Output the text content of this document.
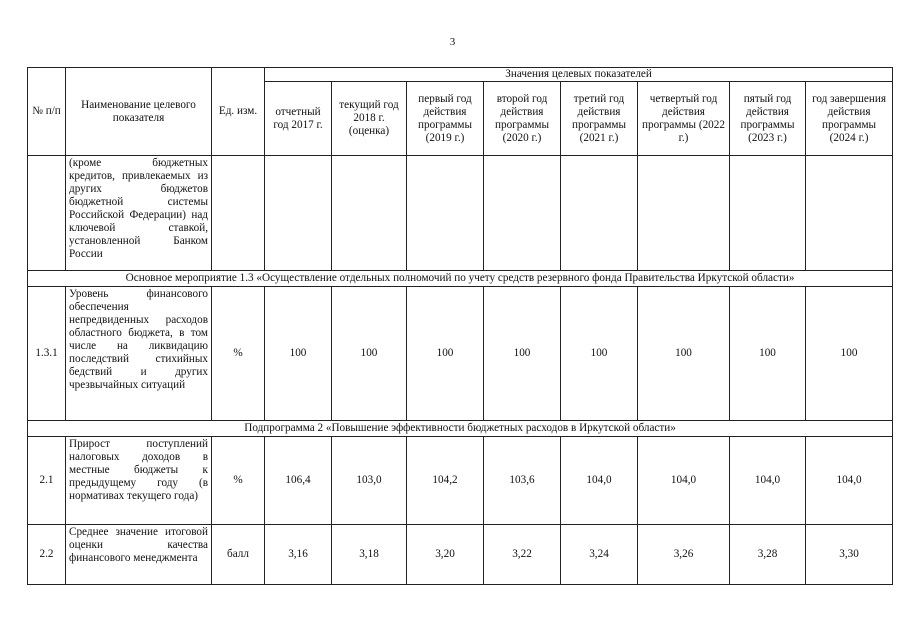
3
№ п/п	Наименование целевого показателя	Ед. изм.	Значения целевых показателей							
			отчетный год 2017 г.	текущий год 2018 г. (оценка)	первый год действия программы (2019 г.)	второй год действия программы (2020 г.)	третий год действия программы (2021 г.)	четвертый год действия программы (2022 г.)	пятый год действия программы (2023 г.)	год завершения действия программы (2024 г.)
	(кроме бюджетных кредитов, привлекаемых из других бюджетов бюджетной системы Российской Федерации) над ключевой ставкой, установленной Банком России									
Основное мероприятие 1.3 «Осуществление отдельных полномочий по учету средств резервного фонда Правительства Иркутской области»										
1.3.1	Уровень финансового обеспечения непредвиденных расходов областного бюджета, в том числе на ликвидацию последствий стихийных бедствий и других чрезвычайных ситуаций	%	100	100	100	100	100	100	100	100
Подпрограмма 2 «Повышение эффективности бюджетных расходов в Иркутской области»										
2.1	Прирост поступлений налоговых доходов в местные бюджеты к предыдущему году (в нормативах текущего года)	%	106,4	103,0	104,2	103,6	104,0	104,0	104,0	104,0
2.2	Среднее значение итоговой оценки качества финансового менеджмента	балл	3,16	3,18	3,20	3,22	3,24	3,26	3,28	3,30
